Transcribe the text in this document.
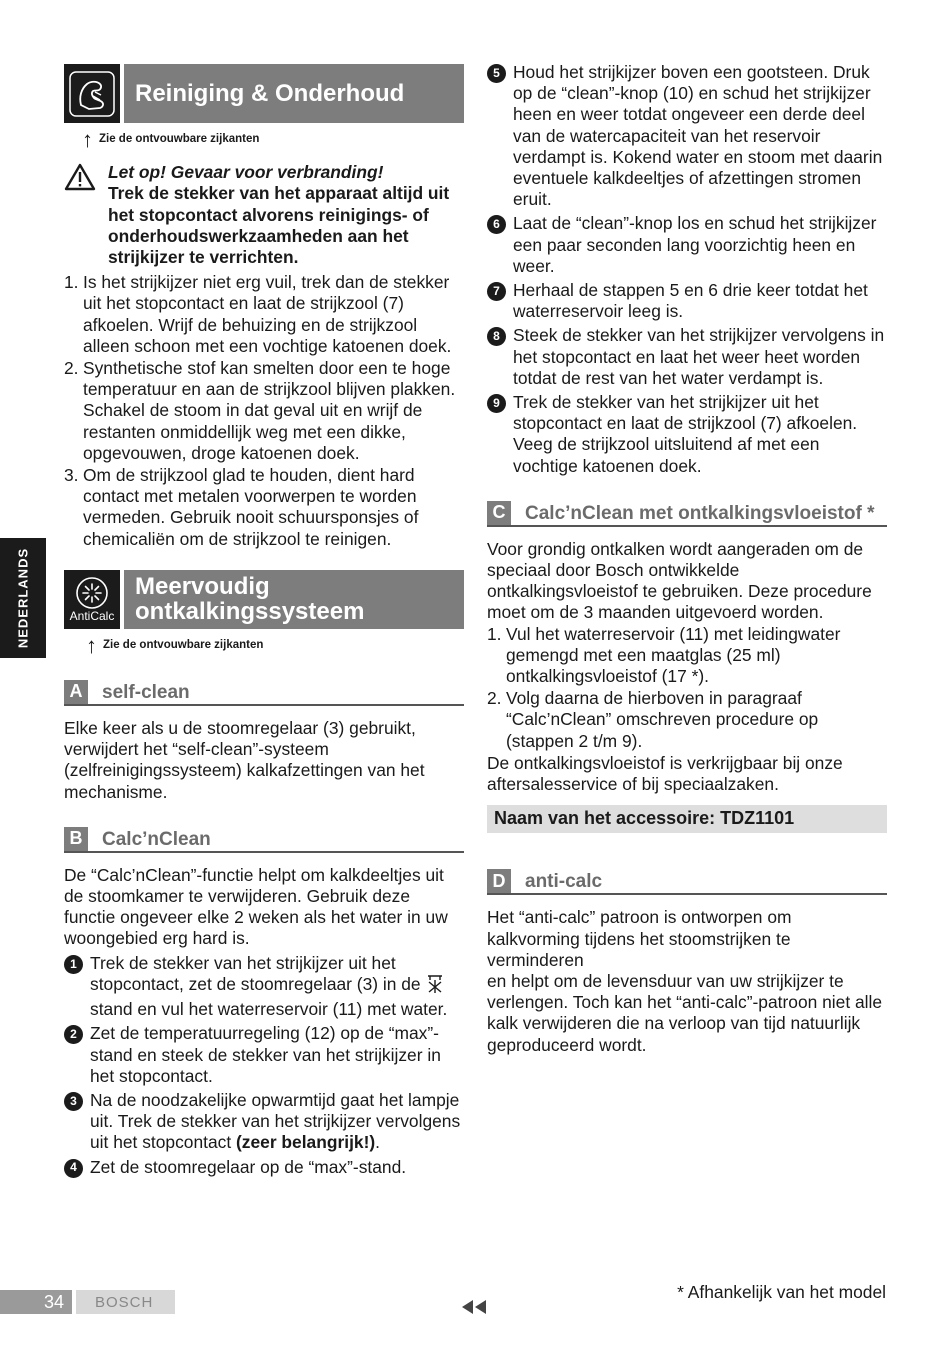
NEDERLANDS
Reiniging & Onderhoud
↑ Zie de ontvouwbare zijkanten
Let op! Gevaar voor verbranding!
Trek de stekker van het apparaat altijd uit het stopcontact alvorens reinigings- of onderhoudswerkzaamheden aan het strijkijzer te verrichten.
1. Is het strijkijzer niet erg vuil, trek dan de stekker uit het stopcontact en laat de strijkzool (7) afkoelen. Wrijf de behuizing en de strijkzool alleen schoon met een vochtige katoenen doek.
2. Synthetische stof kan smelten door een te hoge temperatuur en aan de strijkzool blijven plakken. Schakel de stoom in dat geval uit en wrijf de restanten onmiddellijk weg met een dikke, opgevouwen, droge katoenen doek.
3. Om de strijkzool glad te houden, dient hard contact met metalen voorwerpen te worden vermeden. Gebruik nooit schuursponsjes of chemicaliën om de strijkzool te reinigen.
AntiCalc
Meervoudig
ontkalkingssysteem
↑ Zie de ontvouwbare zijkanten
A self-clean

Elke keer als u de stoomregelaar (3) gebruikt, verwijdert het “self-clean”-systeem (zelfreinigingssysteem) kalkafzettingen van het mechanisme.

B Calc’nClean

De “Calc’nClean”-functie helpt om kalkdeeltjes uit de stoomkamer te verwijderen. Gebruik deze functie ongeveer elke 2 weken als het water in uw woongebied erg hard is.

1 Trek de stekker van het strijkijzer uit het stopcontact, zet de stoomregelaar (3) in de  stand en vul het waterreservoir (11) met water.
2 Zet de temperatuurregeling (12) op de “max”-stand en steek de stekker van het strijkijzer in het stopcontact.
3 Na de noodzakelijke opwarmtijd gaat het lampje uit. Trek de stekker van het strijkijzer vervolgens uit het stopcontact (zeer belangrijk!).
4 Zet de stoomregelaar op de “max”-stand.
5 Houd het strijkijzer boven een gootsteen. Druk op de “clean”-knop (10) en schud het strijkijzer heen en weer totdat ongeveer een derde deel van de watercapaciteit van het reservoir verdampt is. Kokend water en stoom met daarin eventuele kalkdeeltjes of afzettingen stromen eruit.
6 Laat de “clean”-knop los en schud het strijkijzer een paar seconden lang voorzichtig heen en weer.
7 Herhaal de stappen 5 en 6 drie keer totdat het waterreservoir leeg is.
8 Steek de stekker van het strijkijzer vervolgens in het stopcontact en laat het weer heet worden totdat de rest van het water verdampt is.
9 Trek de stekker van het strijkijzer uit het stopcontact en laat de strijkzool (7) afkoelen. Veeg de strijkzool uitsluitend af met een vochtige katoenen doek.
C Calc’nClean met ontkalkingsvloeistof *

Voor grondig ontkalken wordt aangeraden om de speciaal door Bosch ontwikkelde ontkalkingsvloeistof te gebruiken. Deze procedure moet om de 3 maanden uitgevoerd worden.

1. Vul het waterreservoir (11) met leidingwater gemengd met een maatglas (25 ml) ontkalkingsvloeistof (17 *).
2. Volg daarna de hierboven in paragraaf “Calc’nClean” omschreven procedure op (stappen 2 t/m 9).

De ontkalkingsvloeistof is verkrijgbaar bij onze aftersalesservice of bij speciaalzaken.

Naam van het accessoire: TDZ1101
D anti-calc

Het “anti-calc” patroon is ontworpen om kalkvorming tijdens het stoomstrijken te verminderen

en helpt om de levensduur van uw strijkijzer te verlengen. Toch kan het “anti-calc”-patroon niet alle kalk verwijderen die na verloop van tijd natuurlijk geproduceerd wordt.

34	BOSCH	* Afhankelijk van het model
